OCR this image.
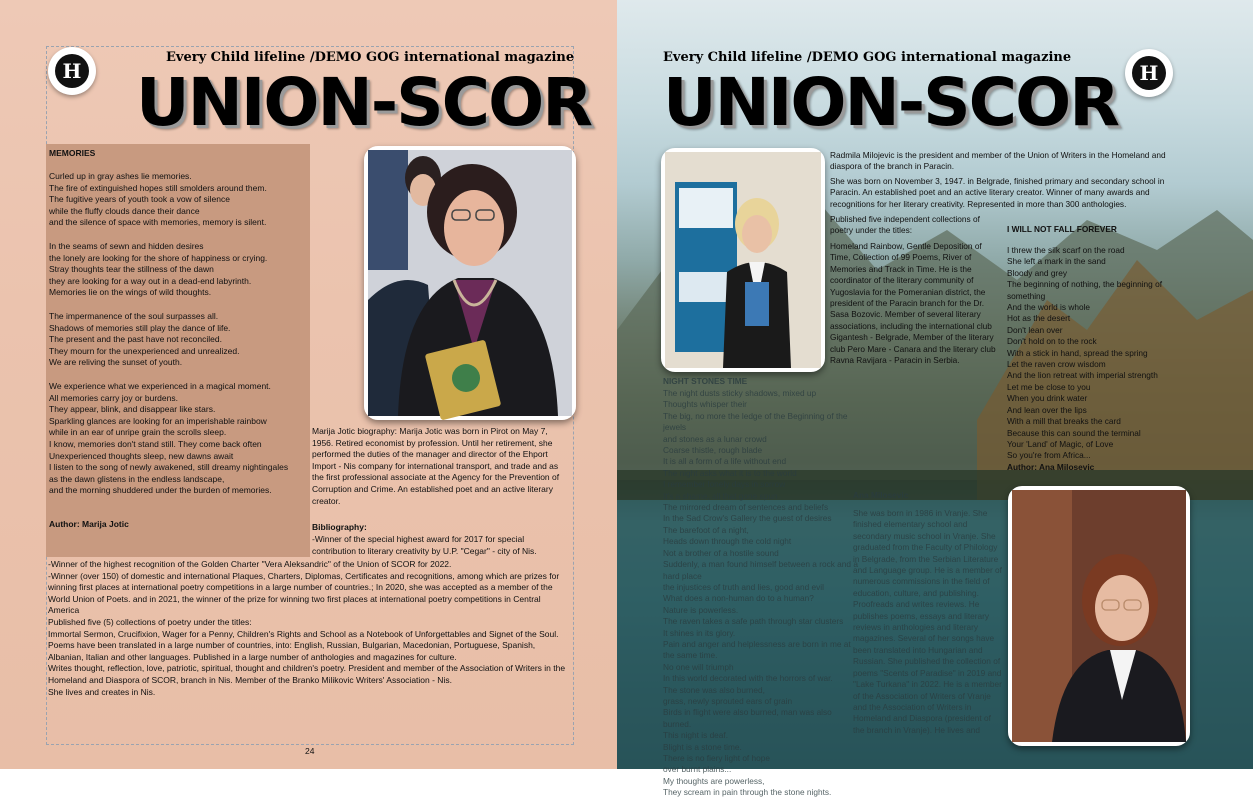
H
Every Child lifeline /DEMO GOG international magazine
UNION-SCOR
MEMORIES
Curled up in gray ashes lie memories.
The fire of extinguished hopes still smolders around them.
The fugitive years of youth took a vow of silence
while the fluffy clouds dance their dance
and the silence of space with memories, memory is silent.
In the seams of sewn and hidden desires
the lonely are looking for the shore of happiness or crying.
Stray thoughts tear the stillness of the dawn
they are looking for a way out in a dead-end labyrinth.
Memories lie on the wings of wild thoughts.
The impermanence of the soul surpasses all.
Shadows of memories still play the dance of life.
The present and the past have not reconciled.
They mourn for the unexperienced and unrealized.
We are reliving the sunset of youth.
We experience what we experienced in a magical moment.
All memories carry joy or burdens.
They appear, blink, and disappear like stars.
Sparkling glances are looking for an imperishable rainbow
while in an ear of unripe grain the scrolls sleep.
I know, memories don't stand still. They come back often
Unexperienced thoughts sleep, new dawns await
I listen to the song of newly awakened, still dreamy nightingales
as the dawn glistens in the endless landscape,
and the morning shuddered under the burden of memories.
Author: Marija Jotic
Marija Jotic biography: Marija Jotic was born in Pirot on May 7, 1956. Retired economist by profession. Until her retirement, she performed the duties of the manager and director of the Ehport Import - Nis company for international transport, and trade and as the first professional associate at the Agency for the Prevention of Corruption and Crime. An established poet and an active literary creator.
Bibliography:
-Winner of the special highest award for 2017 for special contribution to literary creativity by U.P. "Cegar" - city of Nis.
-Winner of the highest recognition of the Golden Charter "Vera Aleksandric" of the Union of SCOR for 2022.
-Winner (over 150) of domestic and international Plaques, Charters, Diplomas, Certificates and recognitions, among which are prizes for winning first places at international poetry competitions in a large number of countries.; In 2020, she was accepted as a member of the World Union of Poets. and in 2021, the winner of the prize for winning two first places at international poetry competitions in Central America
Published five (5) collections of poetry under the titles:
Immortal Sermon, Crucifixion, Wager for a Penny, Children's Rights and School as a Notebook of Unforgettables and Signet of the Soul.
Poems have been translated in a large number of countries, into: English, Russian, Bulgarian, Macedonian, Portuguese, Spanish, Albanian, Italian and other languages. Published in a large number of anthologies and magazines for culture.
Writes thought, reflection, love, patriotic, spiritual, thought and children's poetry. President and member of the Association of Writers in the Homeland and Diaspora of SCOR, branch in Nis. Member of the Branko Milikovic Writers' Association - Nis.
She lives and creates in Nis.
24
Every Child lifeline /DEMO GOG international magazine
UNION-SCOR	H
Radmila Milojevic is the president and member of the Union of Writers in the Homeland and diaspora of the branch in Paracin.
She was born on November 3, 1947. in Belgrade, finished primary and secondary school in Paracin. An established poet and an active literary creator. Winner of many awards and recognitions for her literary creativity. Represented in more than 300 anthologies.
Published five independent collections of poetry under the titles:
Homeland Rainbow, Gentle Deposition of Time, Collection of 99 Poems, River of Memories and Track in Time. He is the coordinator of the literary community of Yugoslavia for the Pomeranian district, the president of the Paracin branch for the Dr. Sasa Bozovic. Member of several literary associations, including the international club Gigantesh - Belgrade, Member of the literary club Pero Mare - Canara and the literary club Ravna Ravijara - Paracin in Serbia.
I WILL NOT FALL FOREVER
I threw the silk scarf on the road
She left a mark in the sand
Bloody and grey
The beginning of nothing, the beginning of something
And the world is whole
Hot as the desert
Don't lean over
Don't hold on to the rock
With a stick in hand, spread the spring
Let the raven crow wisdom
And the lion retreat with imperial strength
Let me be close to you
When you drink water
And lean over the lips
With a mill that breaks the card
Because this can sound the terminal
Your 'Land' of Magic, of Love
So you're from Africa...
Author: Ana Milosevic
NIGHT STONES TIME
The night dusts sticky shadows, mixed up
Thoughts whisper their
The big, no more the ledge of the Beginning of the jewels
and stones as a lunar crowd
Coarse thistle, rough blade
It is all a form of a life without end
The night asks what it is to the world
I remember lonely days in sorrow
It's a shame, all that gone spun
The mirrored dream of sentences and beliefs
In the Sad Crow's Gallery the guest of desires
The barefoot of a night,
Heads down through the cold night
Not a brother of a hostile sound
Suddenly, a man found himself between a rock and a hard place
the injustices of truth and lies, good and evil
What does a non-human do to a human?
Nature is powerless.
The raven takes a safe path through star clusters
It shines in its glory.
Pain and anger and helplessness are born in me at the same time.
No one will triumph
In this world decorated with the horrors of war.
The stone was also burned,
grass, newly sprouted ears of grain
Birds in flight were also burned, man was also burned.
This night is deaf.
Blight is a stone time.
There is no fiery light of hope
over burnt plains...
My thoughts are powerless,
They scream in pain through the stone nights.
Ana Milosevic
She was born in 1986 in Vranje. She finished elementary school and secondary music school in Vranje. She graduated from the Faculty of Philology in Belgrade, from the Serbian Literature and Language group. He is a member of numerous commissions in the field of education, culture, and publishing. Proofreads and writes reviews. He publishes poems, essays and literary reviews in anthologies and literary magazines. Several of her songs have been translated into Hungarian and Russian. She published the collection of poems "Scents of Paradise" in 2019 and "Lake Turkana" in 2022. He is a member of the Association of Writers of Vranje and the Association of Writers in Homeland and Diaspora (president of the branch in Vranje). He lives and
